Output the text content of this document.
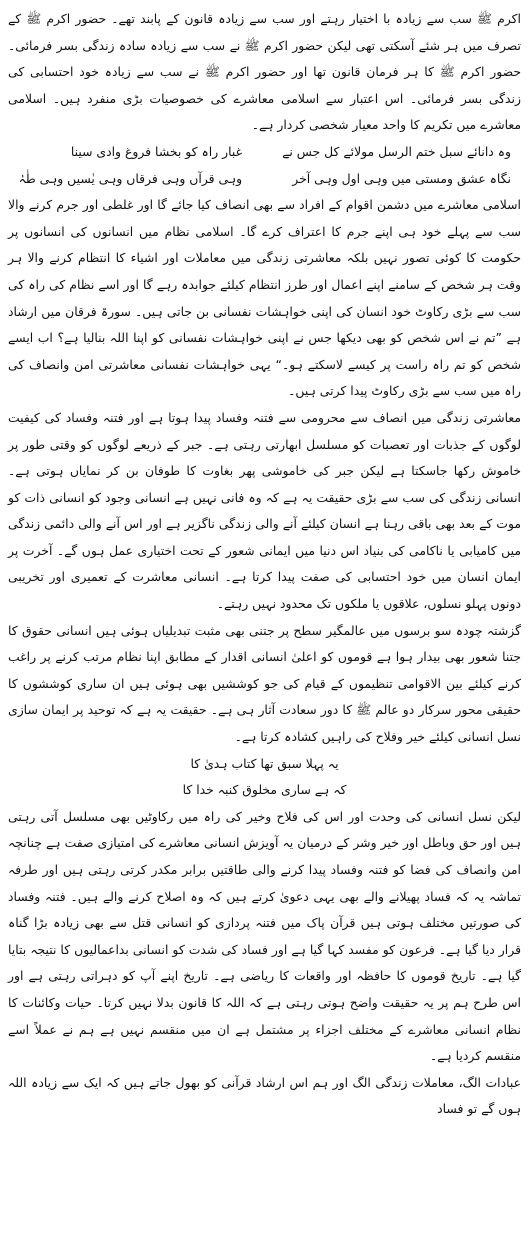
اکرم ﷺ سب سے زیادہ با اختیار رہتے اور سب سے زیادہ قانون کے پابند تھے۔ حضور اکرم ﷺ کے تصرف میں ہر شئے آسکتی تھی لیکن حضور اکرم ﷺ نے سب سے زیادہ سادہ زندگی بسر فرمائی۔ حضور اکرم ﷺ کا ہر فرمان قانون تھا اور حضور اکرم ﷺ نے سب سے زیادہ خود احتسابی کی زندگی بسر فرمائی۔ اس اعتبار سے اسلامی معاشرے کی خصوصیات بڑی منفرد ہیں۔ اسلامی معاشرے میں تکریم کا واحد معیار شخصی کردار ہے۔

وہ دانائے سبل ختم الرسل مولائے کل جس نے
غبار راہ کو بخشا فروغ وادی سینا
نگاہ عشق ومستی میں وہی اول وہی آخر
وہی قرآں وہی فرقاں وہی یٰسیں وہی طٰہٰ

اسلامی معاشرے میں دشمن اقوام کے افراد سے بھی انصاف کیا جائے گا اور غلطی اور جرم کرنے والا سب سے پہلے خود ہی اپنے جرم کا اعتراف کرے گا۔ اسلامی نظام میں انسانوں کی انسانوں پر حکومت کا کوئی تصور نہیں بلکہ معاشرتی زندگی میں معاملات اور اشیاء کا انتظام کرنے والا ہر وقت ہر شخص کے سامنے اپنے اعمال اور طرز انتظام کیلئے جوابدہ رہے گا اور اسے نظام کی راہ کی سب سے بڑی رکاوٹ خود انسان کی اپنی خواہشات نفسانی بن جاتی ہیں۔ سورۃ فرقان میں ارشاد ہے ”تم نے اس شخص کو بھی دیکھا جس نے اپنی خواہشات نفسانی کو اپنا اللہ بنالیا ہے؟ اب ایسے شخص کو تم راہ راست پر کیسے لاسکتے ہو۔“ یہی خواہشات نفسانی معاشرتی امن وانصاف کی راہ میں سب سے بڑی رکاوٹ پیدا کرتی ہیں۔

معاشرتی زندگی میں انصاف سے محرومی سے فتنہ وفساد پیدا ہوتا ہے اور فتنہ وفساد کی کیفیت لوگوں کے جذبات اور تعصبات کو مسلسل ابھارتی رہتی ہے۔ جبر کے ذریعے لوگوں کو وقتی طور پر خاموش رکھا جاسکتا ہے لیکن جبر کی خاموشی پھر بغاوت کا طوفان بن کر نمایاں ہوتی ہے۔ انسانی زندگی کی سب سے بڑی حقیقت یہ ہے کہ وہ فانی نہیں ہے انسانی وجود کو انسانی ذات کو موت کے بعد بھی باقی رہنا ہے انسان کیلئے آنے والی زندگی ناگزیر ہے اور اس آنے والی دائمی زندگی میں کامیابی یا ناکامی کی بنیاد اس دنیا میں ایمانی شعور کے تحت اختیاری عمل ہوں گے۔ آخرت پر ایمان انسان میں خود احتسابی کی صفت پیدا کرتا ہے۔ انسانی معاشرت کے تعمیری اور تخریبی دونوں پہلو نسلوں، علاقوں یا ملکوں تک محدود نہیں رہتے۔

گزشتہ چودہ سو برسوں میں عالمگیر سطح پر جتنی بھی مثبت تبدیلیاں ہوئی ہیں انسانی حقوق کا جتنا شعور بھی بیدار ہوا ہے قوموں کو اعلیٰ انسانی اقدار کے مطابق اپنا نظام مرتب کرنے پر راغب کرنے کیلئے بین الاقوامی تنظیموں کے قیام کی جو کوششیں بھی ہوئی ہیں ان ساری کوششوں کا حقیقی محور سرکار دو عالم ﷺ کا دور سعادت آثار ہی ہے۔ حقیقت یہ ہے کہ توحید پر ایمان سازی نسل انسانی کیلئے خیر وفلاح کی راہیں کشادہ کرتا ہے۔

یہ پہلا سبق تھا کتاب ہدیٰ کا

کہ ہے ساری مخلوق کنبہ خدا کا

لیکن نسل انسانی کی وحدت اور اس کی فلاح وخیر کی راہ میں رکاوٹیں بھی مسلسل آتی رہتی ہیں اور حق وباطل اور خیر وشر کے درمیان یہ آویزش انسانی معاشرے کی امتیازی صفت ہے چنانچہ امن وانصاف کی فضا کو فتنہ وفساد پیدا کرنے والی طاقتیں برابر مکدر کرتی رہتی ہیں اور طرفہ تماشہ یہ کہ فساد پھیلانے والے بھی یہی دعویٰ کرتے ہیں کہ وہ اصلاح کرنے والے ہیں۔ فتنہ وفساد کی صورتیں مختلف ہوتی ہیں قرآن پاک میں فتنہ پردازی کو انسانی قتل سے بھی زیادہ بڑا گناہ قرار دیا گیا ہے۔ فرعون کو مفسد کہا گیا ہے اور فساد کی شدت کو انسانی بداعمالیوں کا نتیجہ بتایا گیا ہے۔ تاریخ قوموں کا حافظہ اور واقعات کا ریاضی ہے۔ تاریخ اپنے آپ کو دہراتی رہتی ہے اور اس طرح ہم پر یہ حقیقت واضح ہوتی رہتی ہے کہ اللہ کا قانون بدلا نہیں کرتا۔ حیات وکائنات کا نظام انسانی معاشرے کے مختلف اجزاء پر مشتمل ہے ان میں منقسم نہیں ہے ہم نے عملاً اسے منقسم کردیا ہے۔

عبادات الگ، معاملات زندگی الگ اور ہم اس ارشاد قرآنی کو بھول جاتے ہیں کہ ایک سے زیادہ اللہ ہوں گے تو فساد
